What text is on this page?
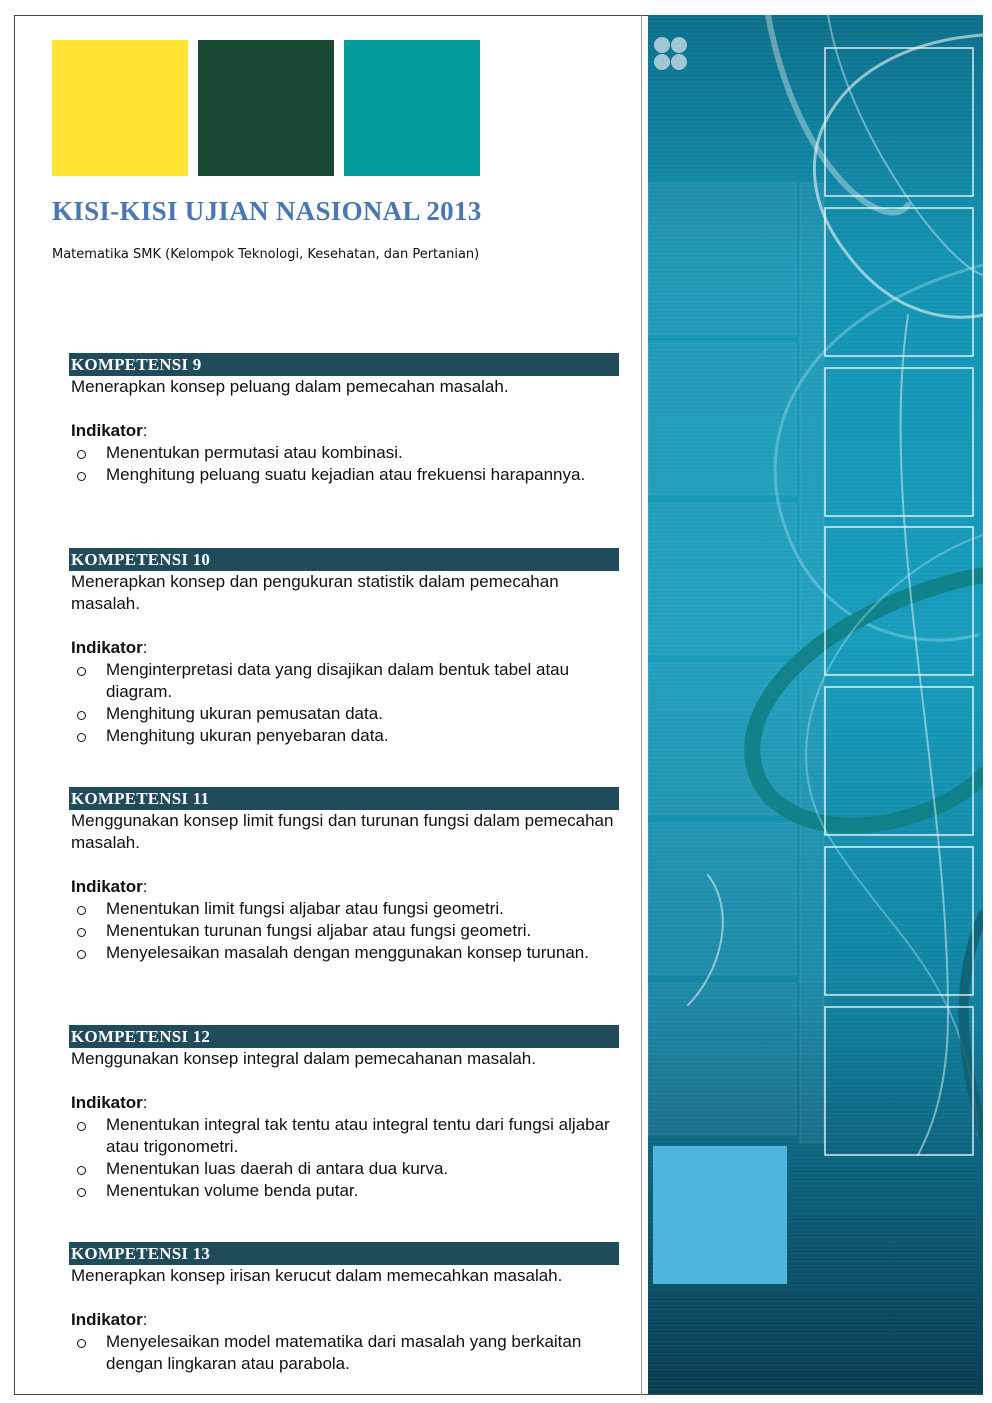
KISI-KISI UJIAN NASIONAL 2013
Matematika SMK (Kelompok Teknologi, Kesehatan, dan Pertanian)
KOMPETENSI 9

Menerapkan konsep peluang dalam pemecahan masalah.

Indikator:
Menentukan permutasi atau kombinasi.
Menghitung peluang suatu kejadian atau frekuensi harapannya.
KOMPETENSI 10

Menerapkan konsep dan pengukuran statistik dalam pemecahan masalah.

Indikator:
Menginterpretasi data yang disajikan dalam bentuk tabel atau diagram.
Menghitung ukuran pemusatan data.
Menghitung ukuran penyebaran data.
KOMPETENSI 11

Menggunakan konsep limit fungsi dan turunan fungsi dalam pemecahan masalah.

Indikator:
Menentukan limit fungsi aljabar atau fungsi geometri.
Menentukan turunan fungsi aljabar atau fungsi geometri.
Menyelesaikan masalah dengan menggunakan konsep turunan.
KOMPETENSI 12

Menggunakan konsep integral dalam pemecahanan masalah.

Indikator:
Menentukan integral tak tentu atau integral tentu dari fungsi aljabar atau trigonometri.
Menentukan luas daerah di antara dua kurva.
Menentukan volume benda putar.
KOMPETENSI 13

Menerapkan konsep irisan kerucut dalam memecahkan masalah.

Indikator:
Menyelesaikan model matematika dari masalah yang berkaitan dengan lingkaran atau parabola.
